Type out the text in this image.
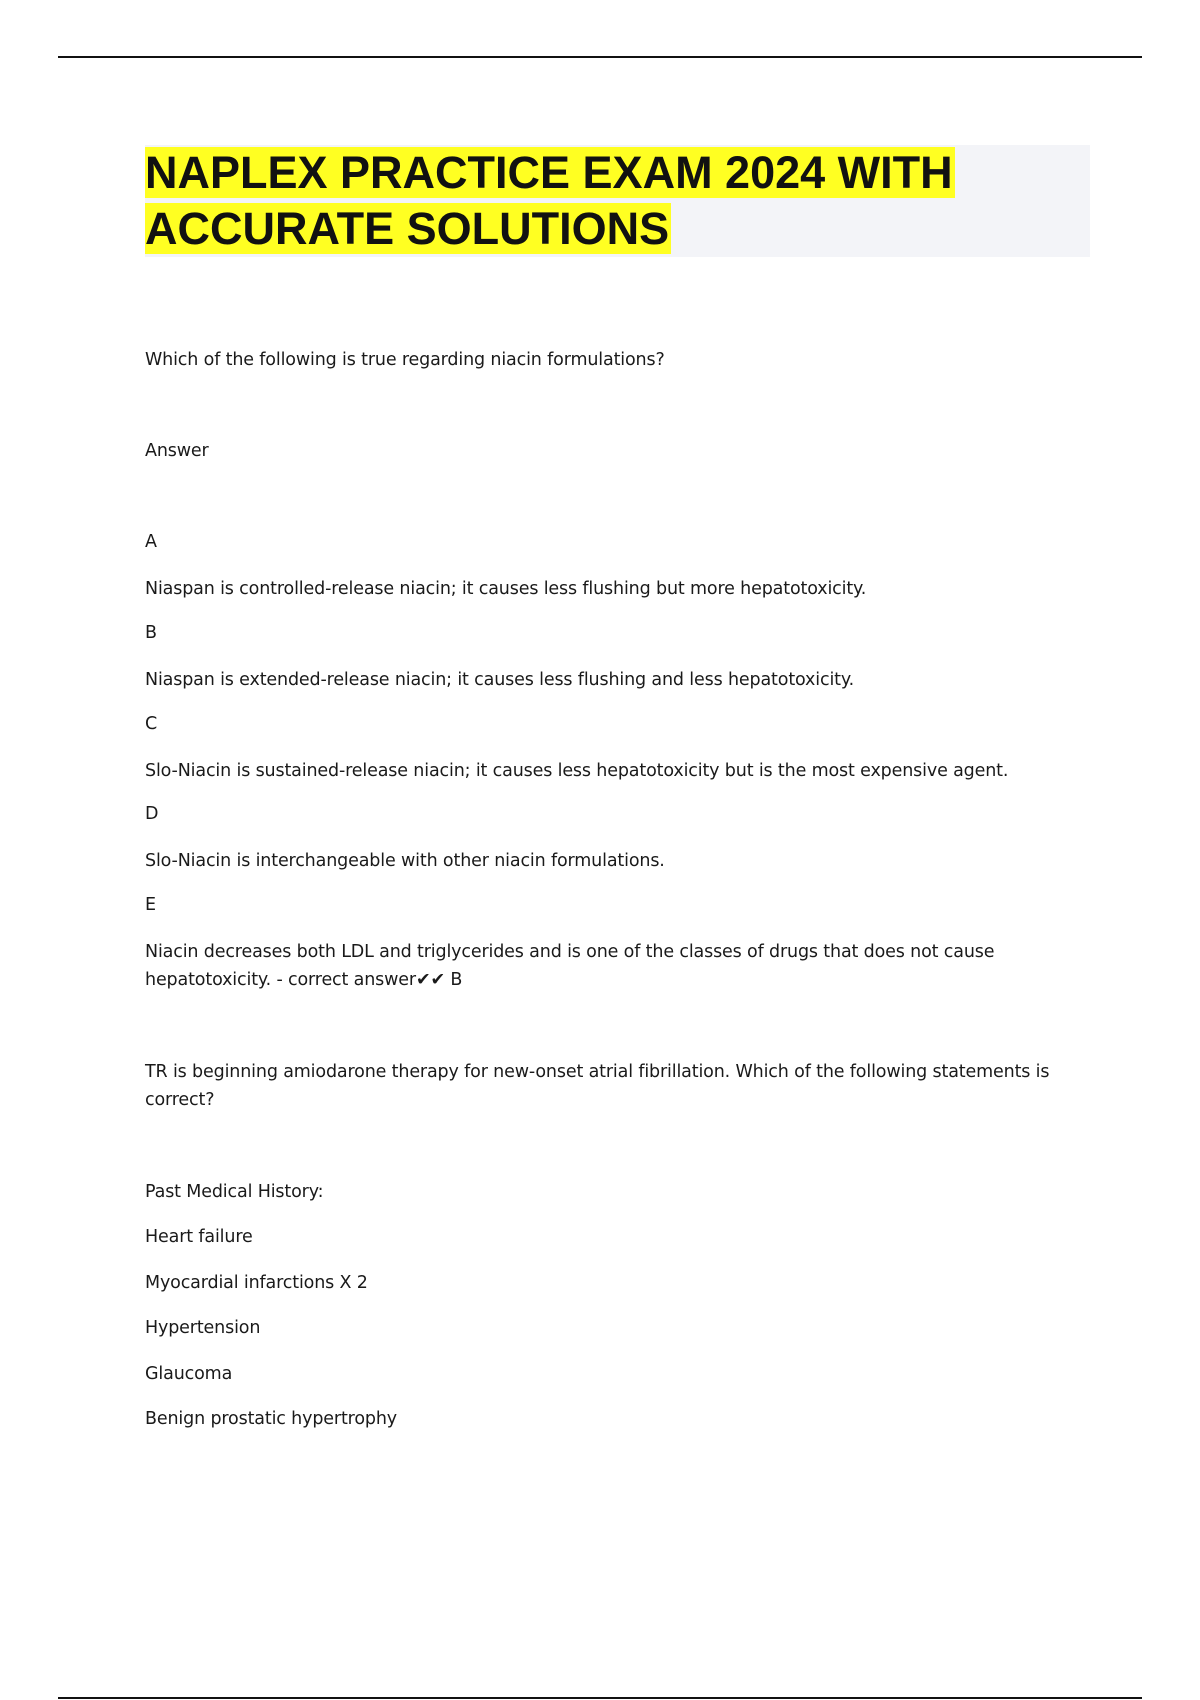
NAPLEX PRACTICE EXAM 2024 WITH
ACCURATE SOLUTIONS
Which of the following is true regarding niacin formulations?
Answer
A
Niaspan is controlled-release niacin; it causes less flushing but more hepatotoxicity.
B
Niaspan is extended-release niacin; it causes less flushing and less hepatotoxicity.
C
Slo-Niacin is sustained-release niacin; it causes less hepatotoxicity but is the most expensive agent.
D
Slo-Niacin is interchangeable with other niacin formulations.
E
Niacin decreases both LDL and triglycerides and is one of the classes of drugs that does not cause hepatotoxicity. - correct answer✔✔ B
TR is beginning amiodarone therapy for new-onset atrial fibrillation. Which of the following statements is correct?
Past Medical History:
Heart failure
Myocardial infarctions X 2
Hypertension
Glaucoma
Benign prostatic hypertrophy
